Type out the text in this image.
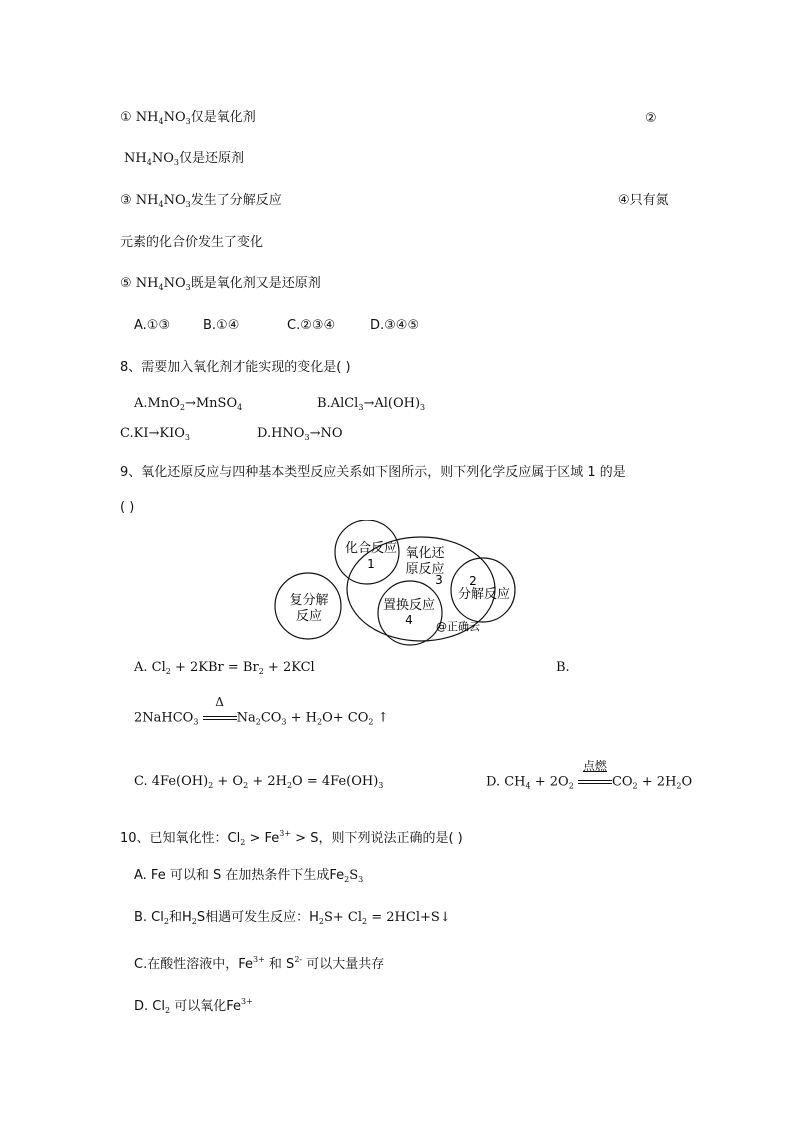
① $NH_4NO_3$仅是氧化剂	②
$NH_4NO_3$仅是还原剂
③ $NH_4NO_3$发生了分解反应	④只有氮
元素的化合价发生了变化
⑤ $NH_4NO_3$既是氧化剂又是还原剂
A.①③	B.①④	C.②③④	D.③④⑤
8、需要加入氧化剂才能实现的变化是( )
A.MnO$_2$→MnSO$_4$	$B.AlCl_3\to Al(OH)_3$
$C.KI\to KIO_3$	$D.HNO_3\to NO$
9、氧化还原反应与四种基本类型反应关系如下图所示，则下列化学反应属于区域 1 的是
( )
化合反应
1
氧化还
原反应
3 2
分解反应
复分解
反应
置换反应
4 @正确云
A. $Cl_2 + 2KBr = Br_2 + 2KCl$	B.
2NaHCO$_3$
Δ
$Na_2CO_3 + H_2O+ CO_2$ ↑
C. $4Fe(OH)_2 + O_2 + 2H_2O = 4Fe(OH)_3$	D. $CH_4 + 2O_2$
点燃
$CO_2 + 2H_2O$
10、已知氧化性：$Cl_2 > Fe^{3+} > S$，则下列说法正确的是( )
A. Fe 可以和 S 在加热条件下生成$Fe_2S_3$
B. $Cl_2$和$H_2S$相遇可发生反应：$H_2S+ Cl_2$ = 2HCl+S↓
C.在酸性溶液中，$Fe^{3+}$ 和 $S^{2-}$ 可以大量共存
D. $Cl_2$ 可以氧化$Fe^{3+}$
